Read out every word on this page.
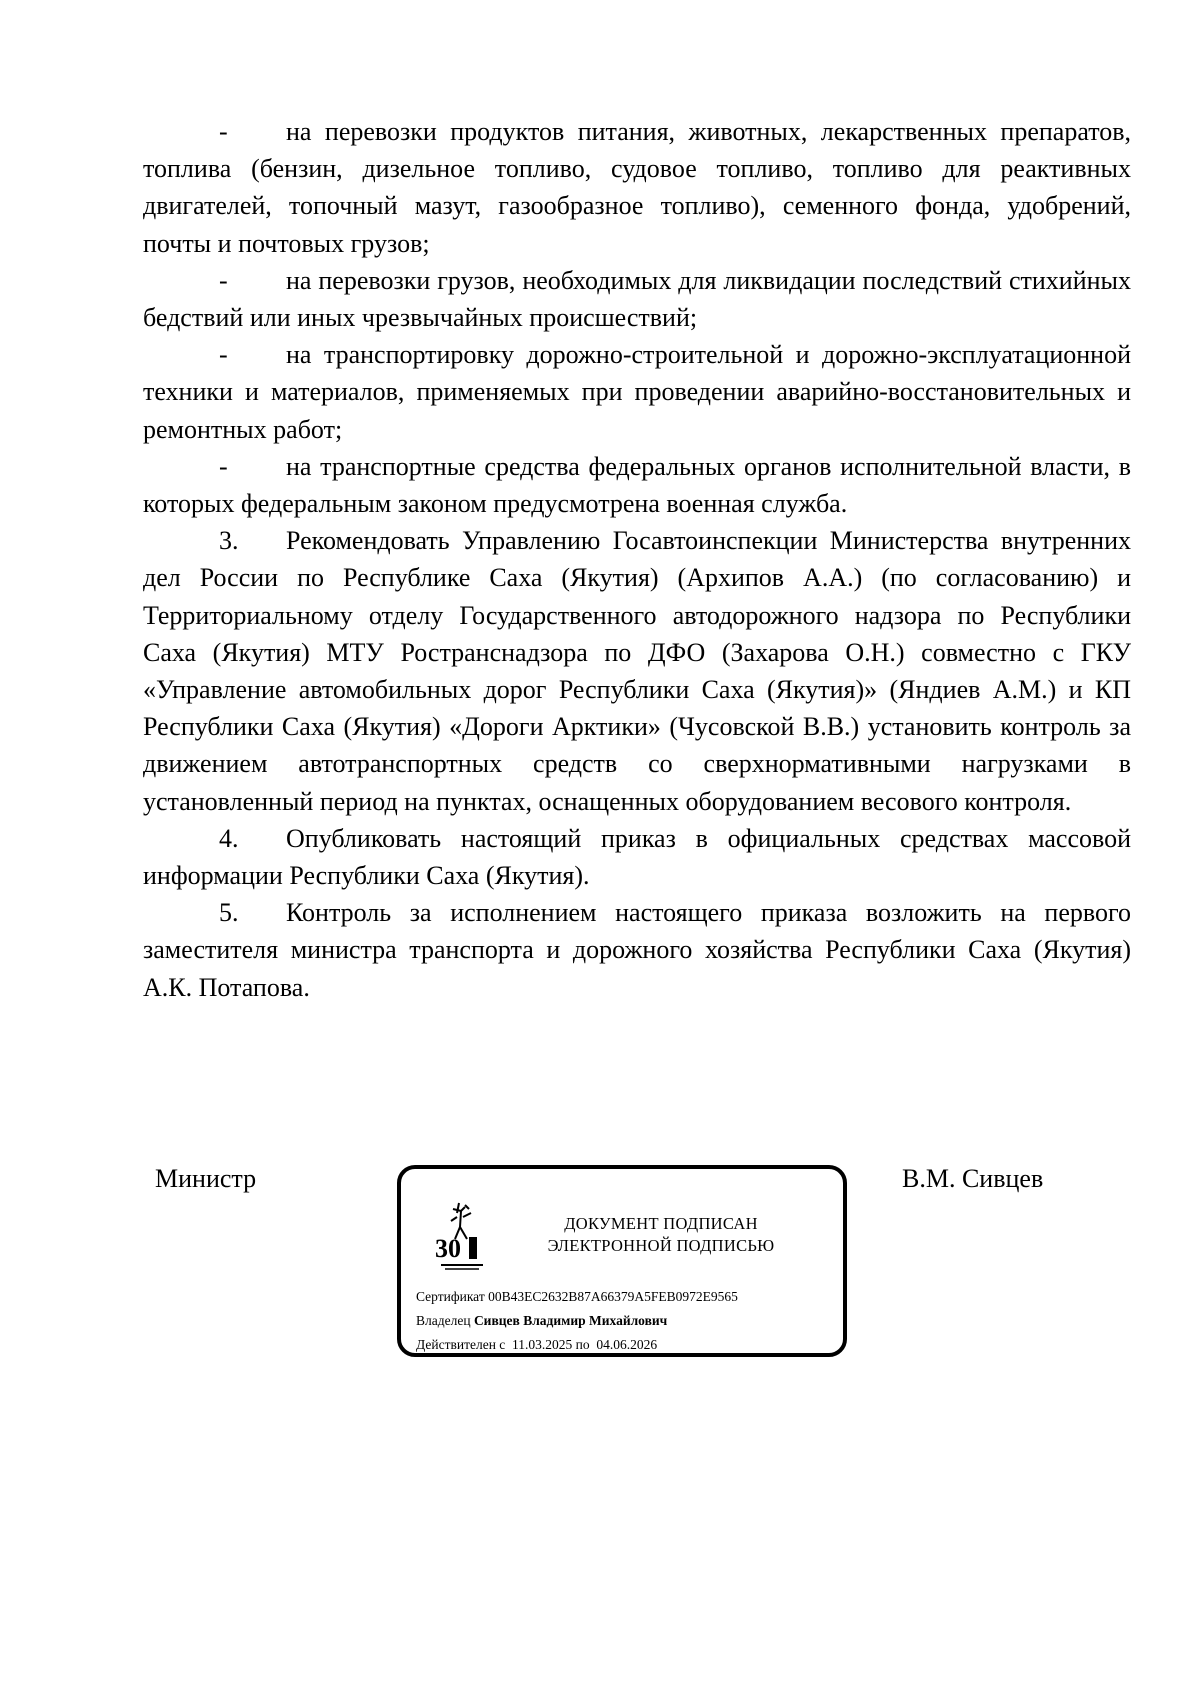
- на перевозки продуктов питания, животных, лекарственных препаратов, топлива (бензин, дизельное топливо, судовое топливо, топливо для реактивных двигателей, топочный мазут, газообразное топливо), семенного фонда, удобрений, почты и почтовых грузов;

- на перевозки грузов, необходимых для ликвидации последствий стихийных бедствий или иных чрезвычайных происшествий;

- на транспортировку дорожно-строительной и дорожно-эксплуатационной техники и материалов, применяемых при проведении аварийно-восстановительных и ремонтных работ;

- на транспортные средства федеральных органов исполнительной власти, в которых федеральным законом предусмотрена военная служба.

3. Рекомендовать Управлению Госавтоинспекции Министерства внутренних дел России по Республике Саха (Якутия) (Архипов А.А.) (по согласованию) и Территориальному отделу Государственного автодорожного надзора по Республики Саха (Якутия) МТУ Ространснадзора по ДФО (Захарова О.Н.) совместно с ГКУ «Управление автомобильных дорог Республики Саха (Якутия)» (Яндиев А.М.) и КП Республики Саха (Якутия) «Дороги Арктики» (Чусовской В.В.) установить контроль за движением автотранспортных средств со сверхнормативными нагрузками в установленный период на пунктах, оснащенных оборудованием весового контроля.

4. Опубликовать настоящий приказ в официальных средствах массовой информации Республики Саха (Якутия).

5. Контроль за исполнением настоящего приказа возложить на первого заместителя министра транспорта и дорожного хозяйства Республики Саха (Якутия) А.К. Потапова.

Министр	В.М. Сивцев
30
ДОКУМЕНТ ПОДПИСАН
ЭЛЕКТРОННОЙ ПОДПИСЬЮ
Сертификат 00B43EC2632B87A66379A5FEB0972E9565
Владелец Сивцев Владимир Михайлович
Действителен с 11.03.2025 по 04.06.2026
